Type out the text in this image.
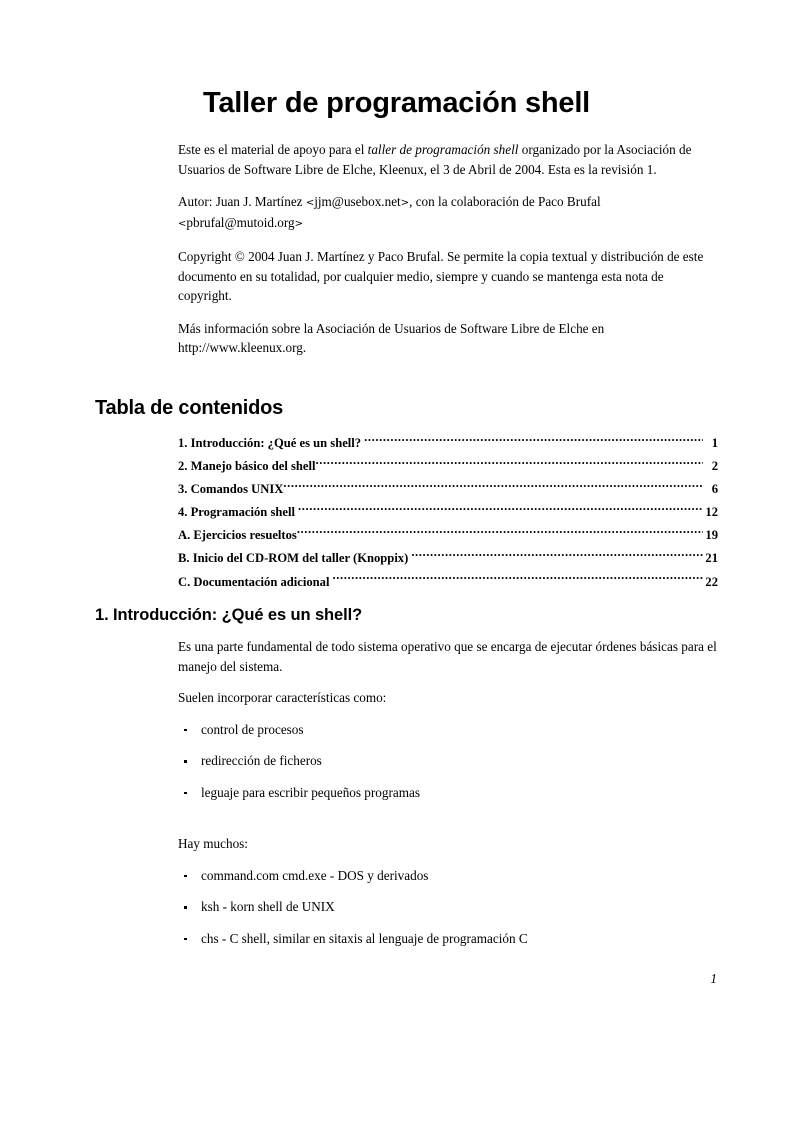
Taller de programación shell

Este es el material de apoyo para el taller de programación shell organizado por la Asociación de Usuarios de Software Libre de Elche, Kleenux, el 3 de Abril de 2004. Esta es la revisión 1.

Autor: Juan J. Martínez <jjm@usebox.net>, con la colaboración de Paco Brufal <pbrufal@mutoid.org>

Copyright © 2004 Juan J. Martínez y Paco Brufal. Se permite la copia textual y distribución de este documento en su totalidad, por cualquier medio, siempre y cuando se mantenga esta nota de copyright.

Más información sobre la Asociación de Usuarios de Software Libre de Elche en http://www.kleenux.org.

Tabla de contenidos
1. Introducción: ¿Qué es un shell? .....	1
2. Manejo básico del shell .....	2
3. Comandos UNIX .....	6
4. Programación shell .....	12
A. Ejercicios resueltos .....	19
B. Inicio del CD-ROM del taller (Knoppix) .....	21
C. Documentación adicional .....	22
1. Introducción: ¿Qué es un shell?

Es una parte fundamental de todo sistema operativo que se encarga de ejecutar órdenes básicas para el manejo del sistema.

Suelen incorporar características como:

control de procesos
redirección de ficheros
leguaje para escribir pequeños programas

Hay muchos:

command.com cmd.exe - DOS y derivados
ksh - korn shell de UNIX
chs - C shell, similar en sitaxis al lenguaje de programación C
1
